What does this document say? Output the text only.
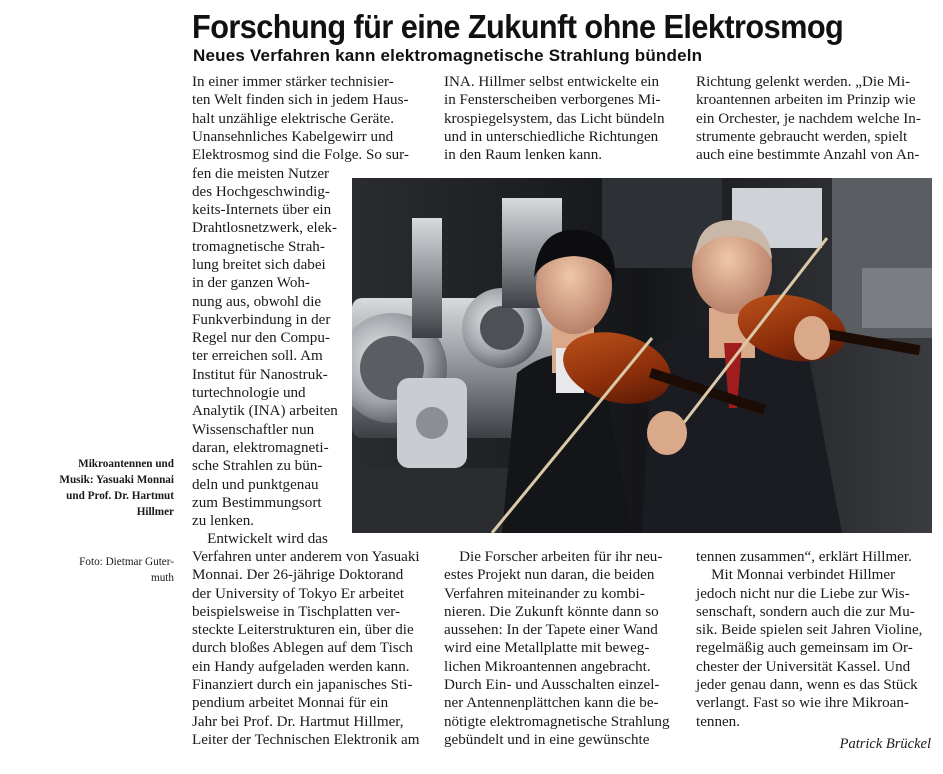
Forschung für eine Zukunft ohne Elektrosmog
Neues Verfahren kann elektromagnetische Strahlung bündeln
In einer immer stärker technisier-
ten Welt finden sich in jedem Haus-
halt unzählige elektrische Geräte.
Unansehnliches Kabelgewirr und
Elektrosmog sind die Folge. So sur-
fen die meisten Nutzer
des Hochgeschwindig-
keits-Internets über ein
Drahtlosnetzwerk, elek-
tromagnetische Strah-
lung breitet sich dabei
in der ganzen Woh-
nung aus, obwohl die
Funkverbindung in der
Regel nur den Compu-
ter erreichen soll. Am
Institut für Nanostruk-
turtechnologie und
Analytik (INA) arbeiten
Wissenschaftler nun
daran, elektromagneti-
sche Strahlen zu bün-
deln und punktgenau
zum Bestimmungsort
zu lenken.
Entwickelt wird das
Verfahren unter anderem von Yasuaki
Monnai. Der 26-jährige Doktorand
der University of Tokyo Er arbeitet
beispielsweise in Tischplatten ver-
steckte Leiterstrukturen ein, über die
durch bloßes Ablegen auf dem Tisch
ein Handy aufgeladen werden kann.
Finanziert durch ein japanisches Sti-
pendium arbeitet Monnai für ein
Jahr bei Prof. Dr. Hartmut Hillmer,
Leiter der Technischen Elektronik am
INA. Hillmer selbst entwickelte ein
in Fensterscheiben verborgenes Mi-
krospiegelsystem, das Licht bündeln
und in unterschiedliche Richtungen
in den Raum lenken kann.
Die Forscher arbeiten für ihr neu-
estes Projekt nun daran, die beiden
Verfahren miteinander zu kombi-
nieren. Die Zukunft könnte dann so
aussehen: In der Tapete einer Wand
wird eine Metallplatte mit beweg-
lichen Mikroantennen angebracht.
Durch Ein- und Ausschalten einzel-
ner Antennenplättchen kann die be-
nötigte elektromagnetische Strahlung
gebündelt und in eine gewünschte
Richtung gelenkt werden. „Die Mi-
kroantennen arbeiten im Prinzip wie
ein Orchester, je nachdem welche In-
strumente gebraucht werden, spielt
auch eine bestimmte Anzahl von An-
tennen zusammen“, erklärt Hillmer.
Mit Monnai verbindet Hillmer
jedoch nicht nur die Liebe zur Wis-
senschaft, sondern auch die zur Mu-
sik. Beide spielen seit Jahren Violine,
regelmäßig auch gemeinsam im Or-
chester der Universität Kassel. Und
jeder genau dann, wenn es das Stück
verlangt. Fast so wie ihre Mikroan-
tennen.

Mikroantennen und
Musik: Yasuaki Monnai
und Prof. Dr. Hartmut
Hillmer

Foto: Dietmar Guter-
muth

Patrick Brückel
